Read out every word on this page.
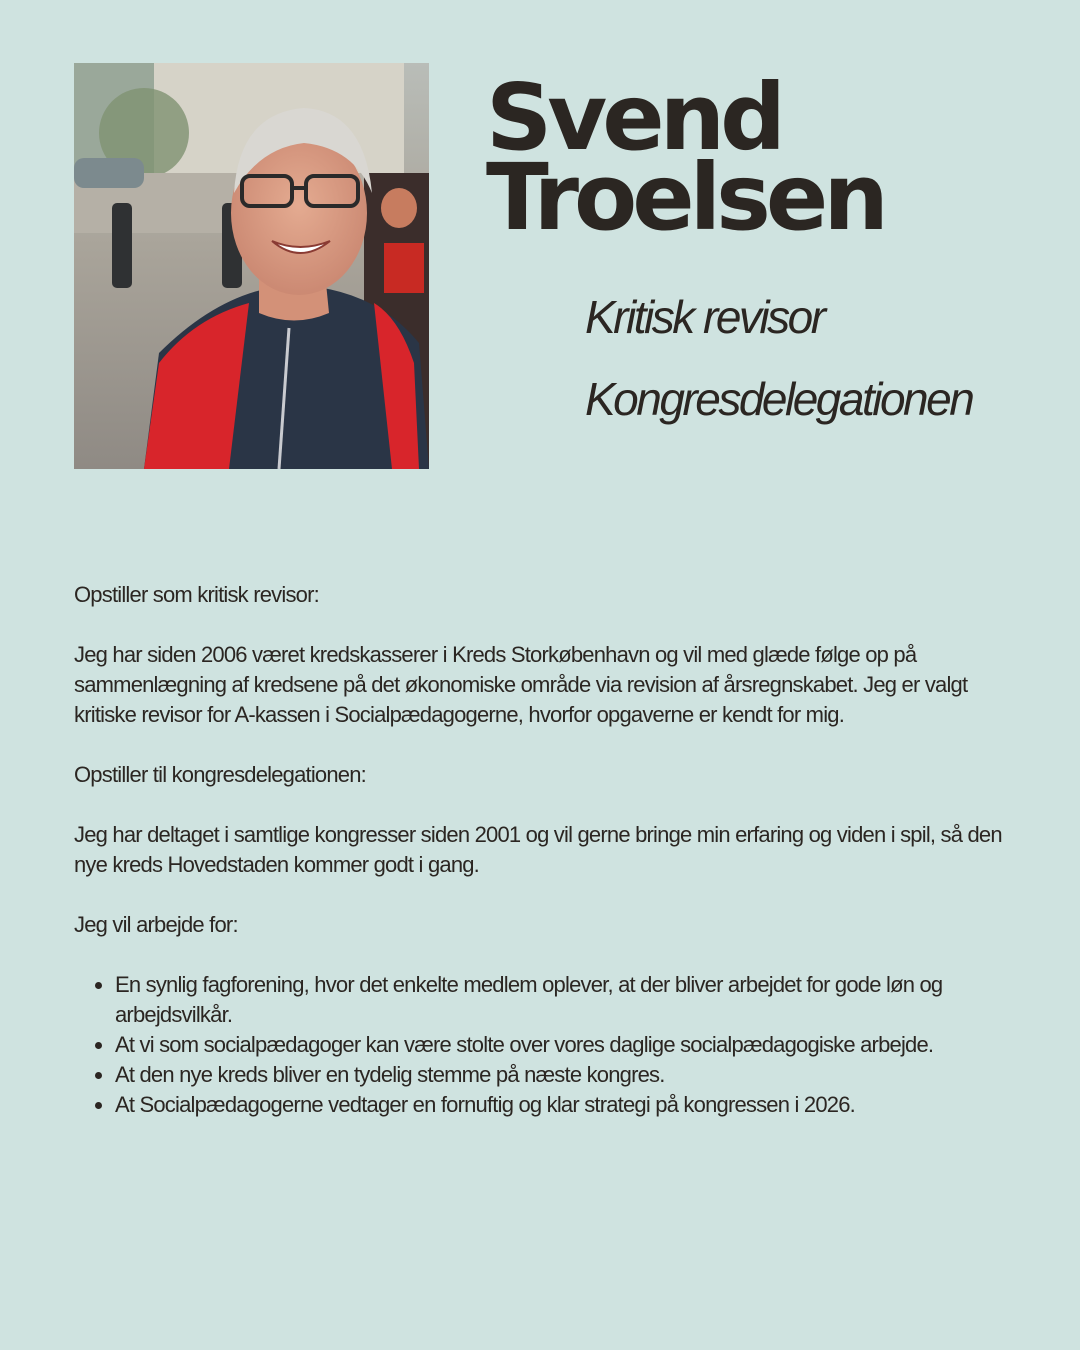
Svend
Troelsen
Kritisk revisor
Kongresdelegationen

Opstiller som kritisk revisor:

Jeg har siden 2006 været kredskasserer i Kreds Storkøbenhavn og vil med glæde følge op på sammenlægning af kredsene på det økonomiske område via revision af årsregnskabet. Jeg er valgt kritiske revisor for A-kassen i Socialpædagogerne, hvorfor opgaverne er kendt for mig.

Opstiller til kongresdelegationen:

Jeg har deltaget i samtlige kongresser siden 2001 og vil gerne bringe min erfaring og viden i spil, så den nye kreds Hovedstaden kommer godt i gang.

Jeg vil arbejde for:

• En synlig fagforening, hvor det enkelte medlem oplever, at der bliver arbejdet for gode løn og arbejdsvilkår.
• At vi som socialpædagoger kan være stolte over vores daglige socialpædagogiske arbejde.
• At den nye kreds bliver en tydelig stemme på næste kongres.
• At Socialpædagogerne vedtager en fornuftig og klar strategi på kongressen i 2026.
